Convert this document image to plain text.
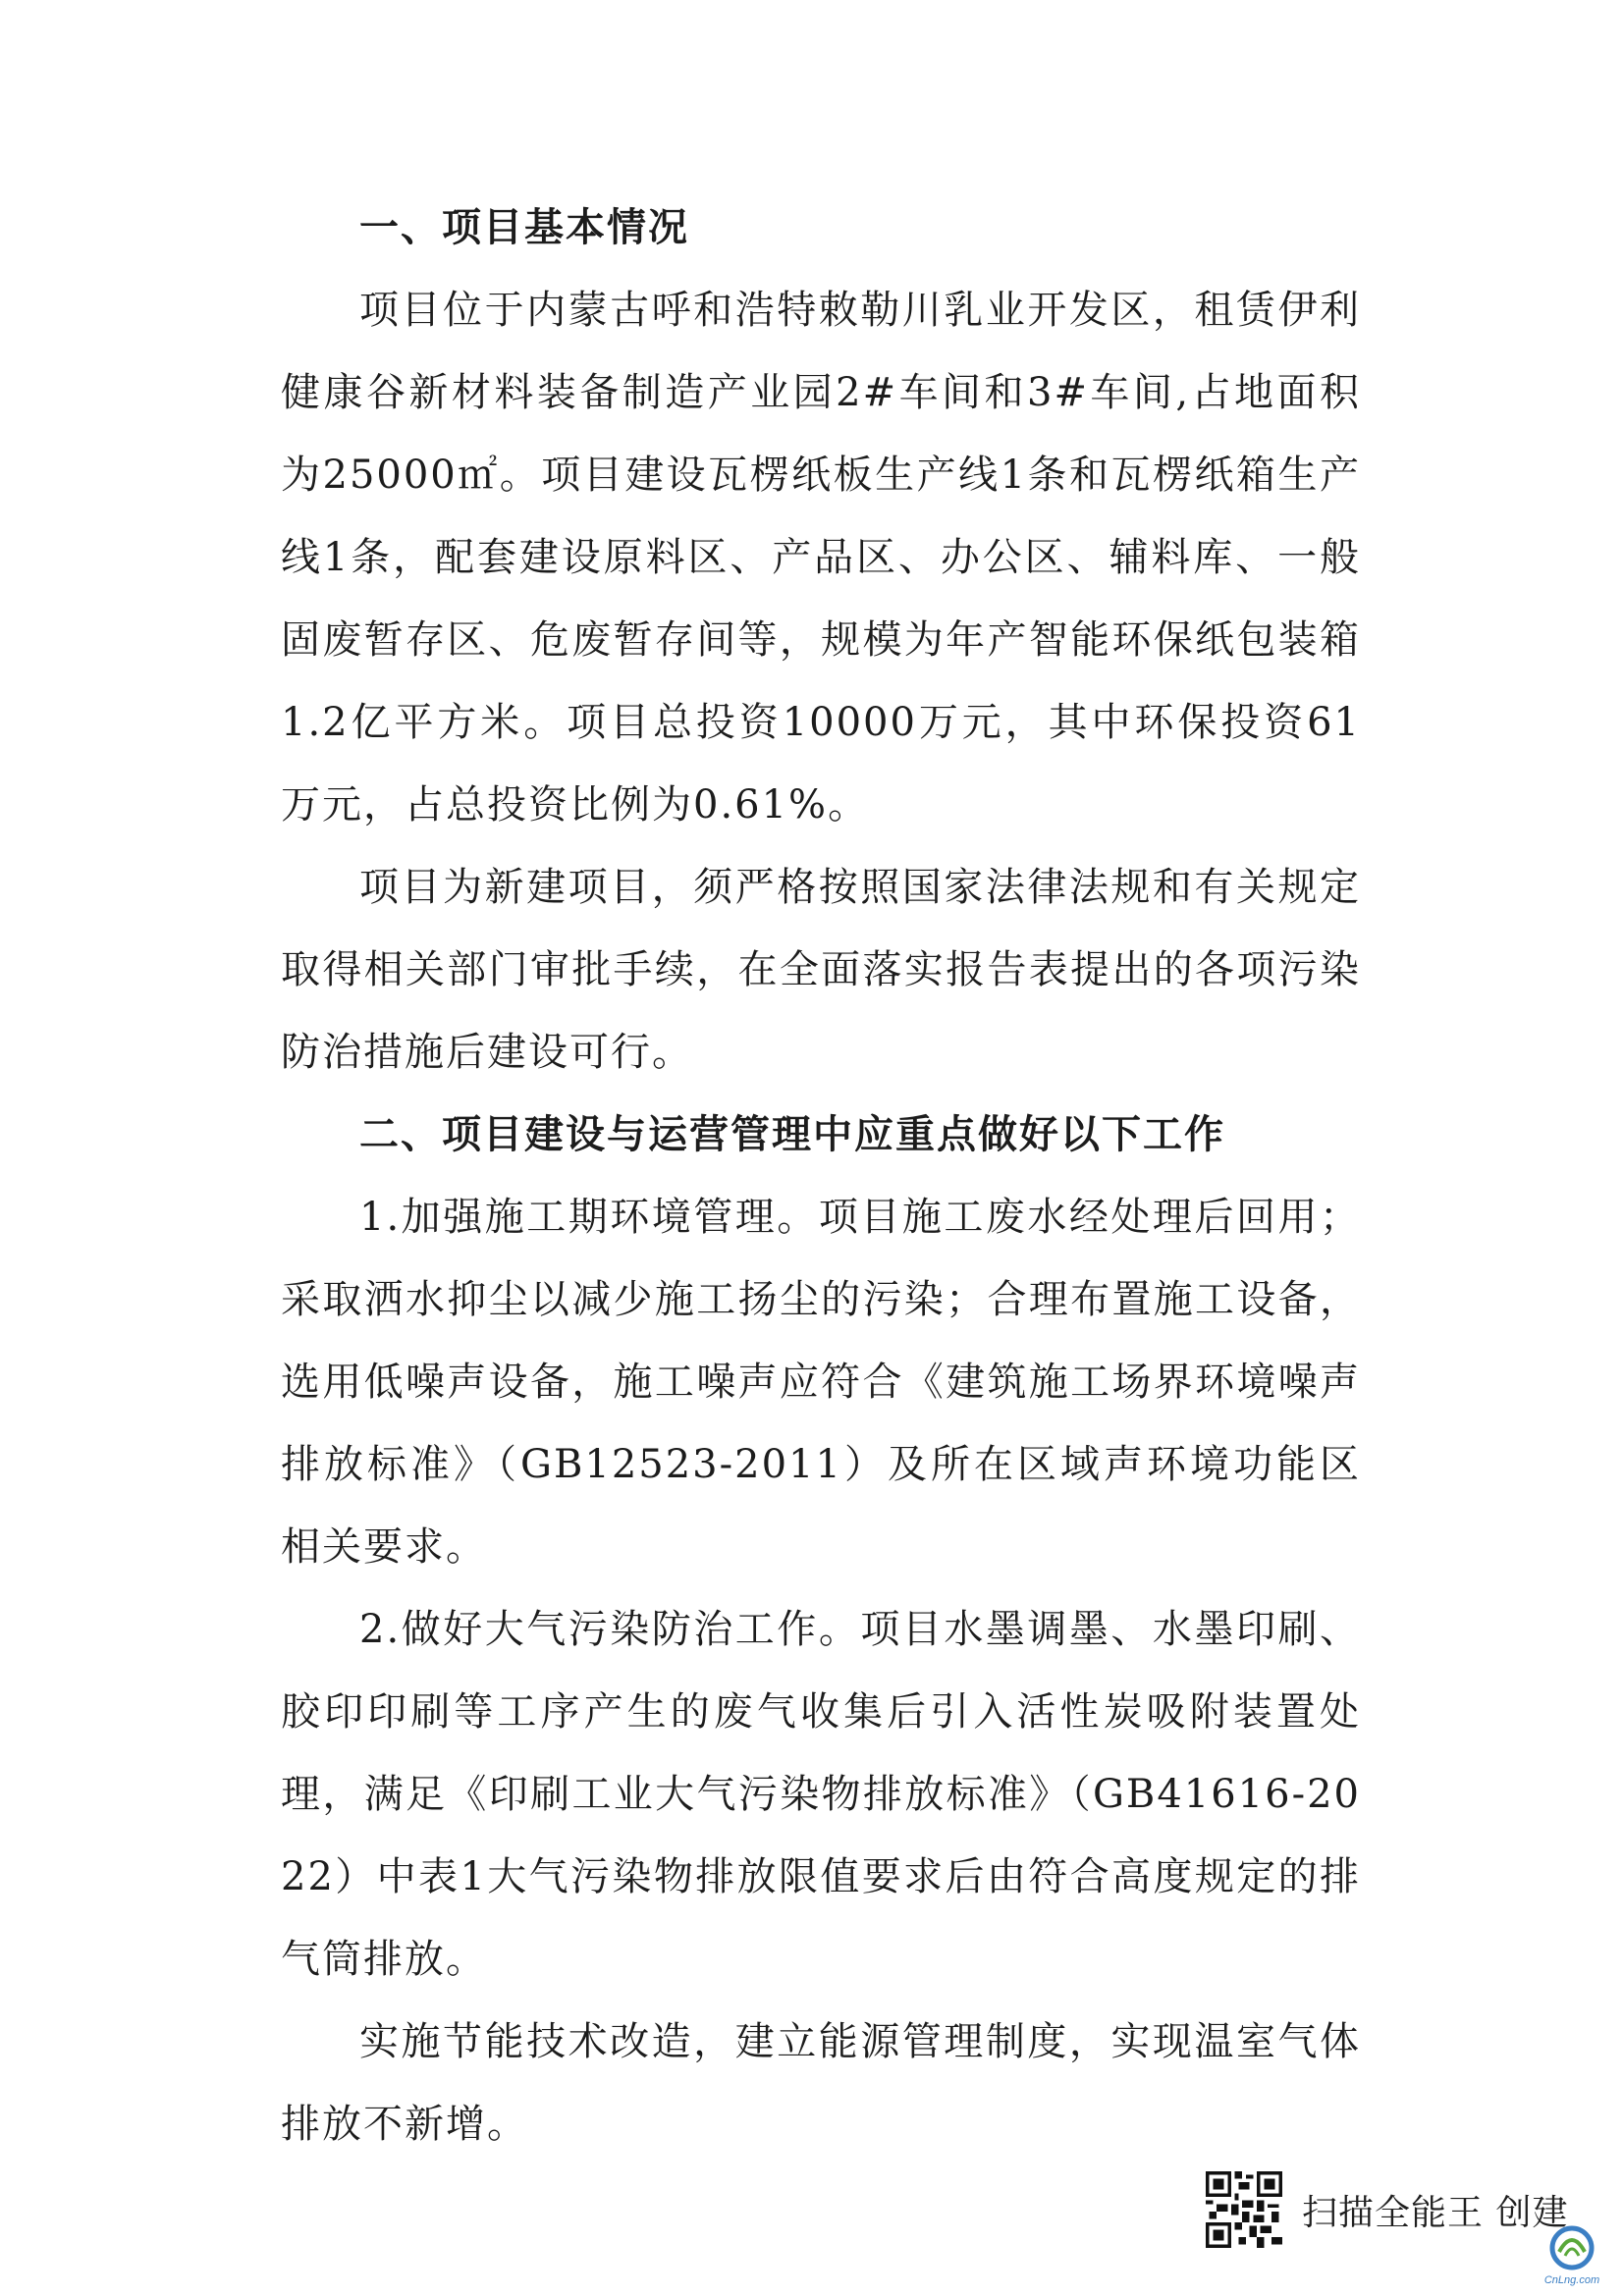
一、项目基本情况

项目位于内蒙古呼和浩特敕勒川乳业开发区，租赁伊利健康谷新材料装备制造产业园2#车间和3#车间,占地面积为25000㎡。项目建设瓦楞纸板生产线1条和瓦楞纸箱生产线1条，配套建设原料区、产品区、办公区、辅料库、一般固废暂存区、危废暂存间等，规模为年产智能环保纸包装箱1.2亿平方米。项目总投资10000万元，其中环保投资61万元，占总投资比例为0.61%。

项目为新建项目，须严格按照国家法律法规和有关规定取得相关部门审批手续，在全面落实报告表提出的各项污染防治措施后建设可行。

二、项目建设与运营管理中应重点做好以下工作

1.加强施工期环境管理。项目施工废水经处理后回用；采取洒水抑尘以减少施工扬尘的污染；合理布置施工设备，选用低噪声设备，施工噪声应符合《建筑施工场界环境噪声排放标准》（GB12523-2011）及所在区域声环境功能区相关要求。

2.做好大气污染防治工作。项目水墨调墨、水墨印刷、胶印印刷等工序产生的废气收集后引入活性炭吸附装置处理，满足《印刷工业大气污染物排放标准》（GB41616-2022）中表1大气污染物排放限值要求后由符合高度规定的排气筒排放。

实施节能技术改造，建立能源管理制度，实现温室气体排放不新增。

扫描全能王 创建
CnLng.com
